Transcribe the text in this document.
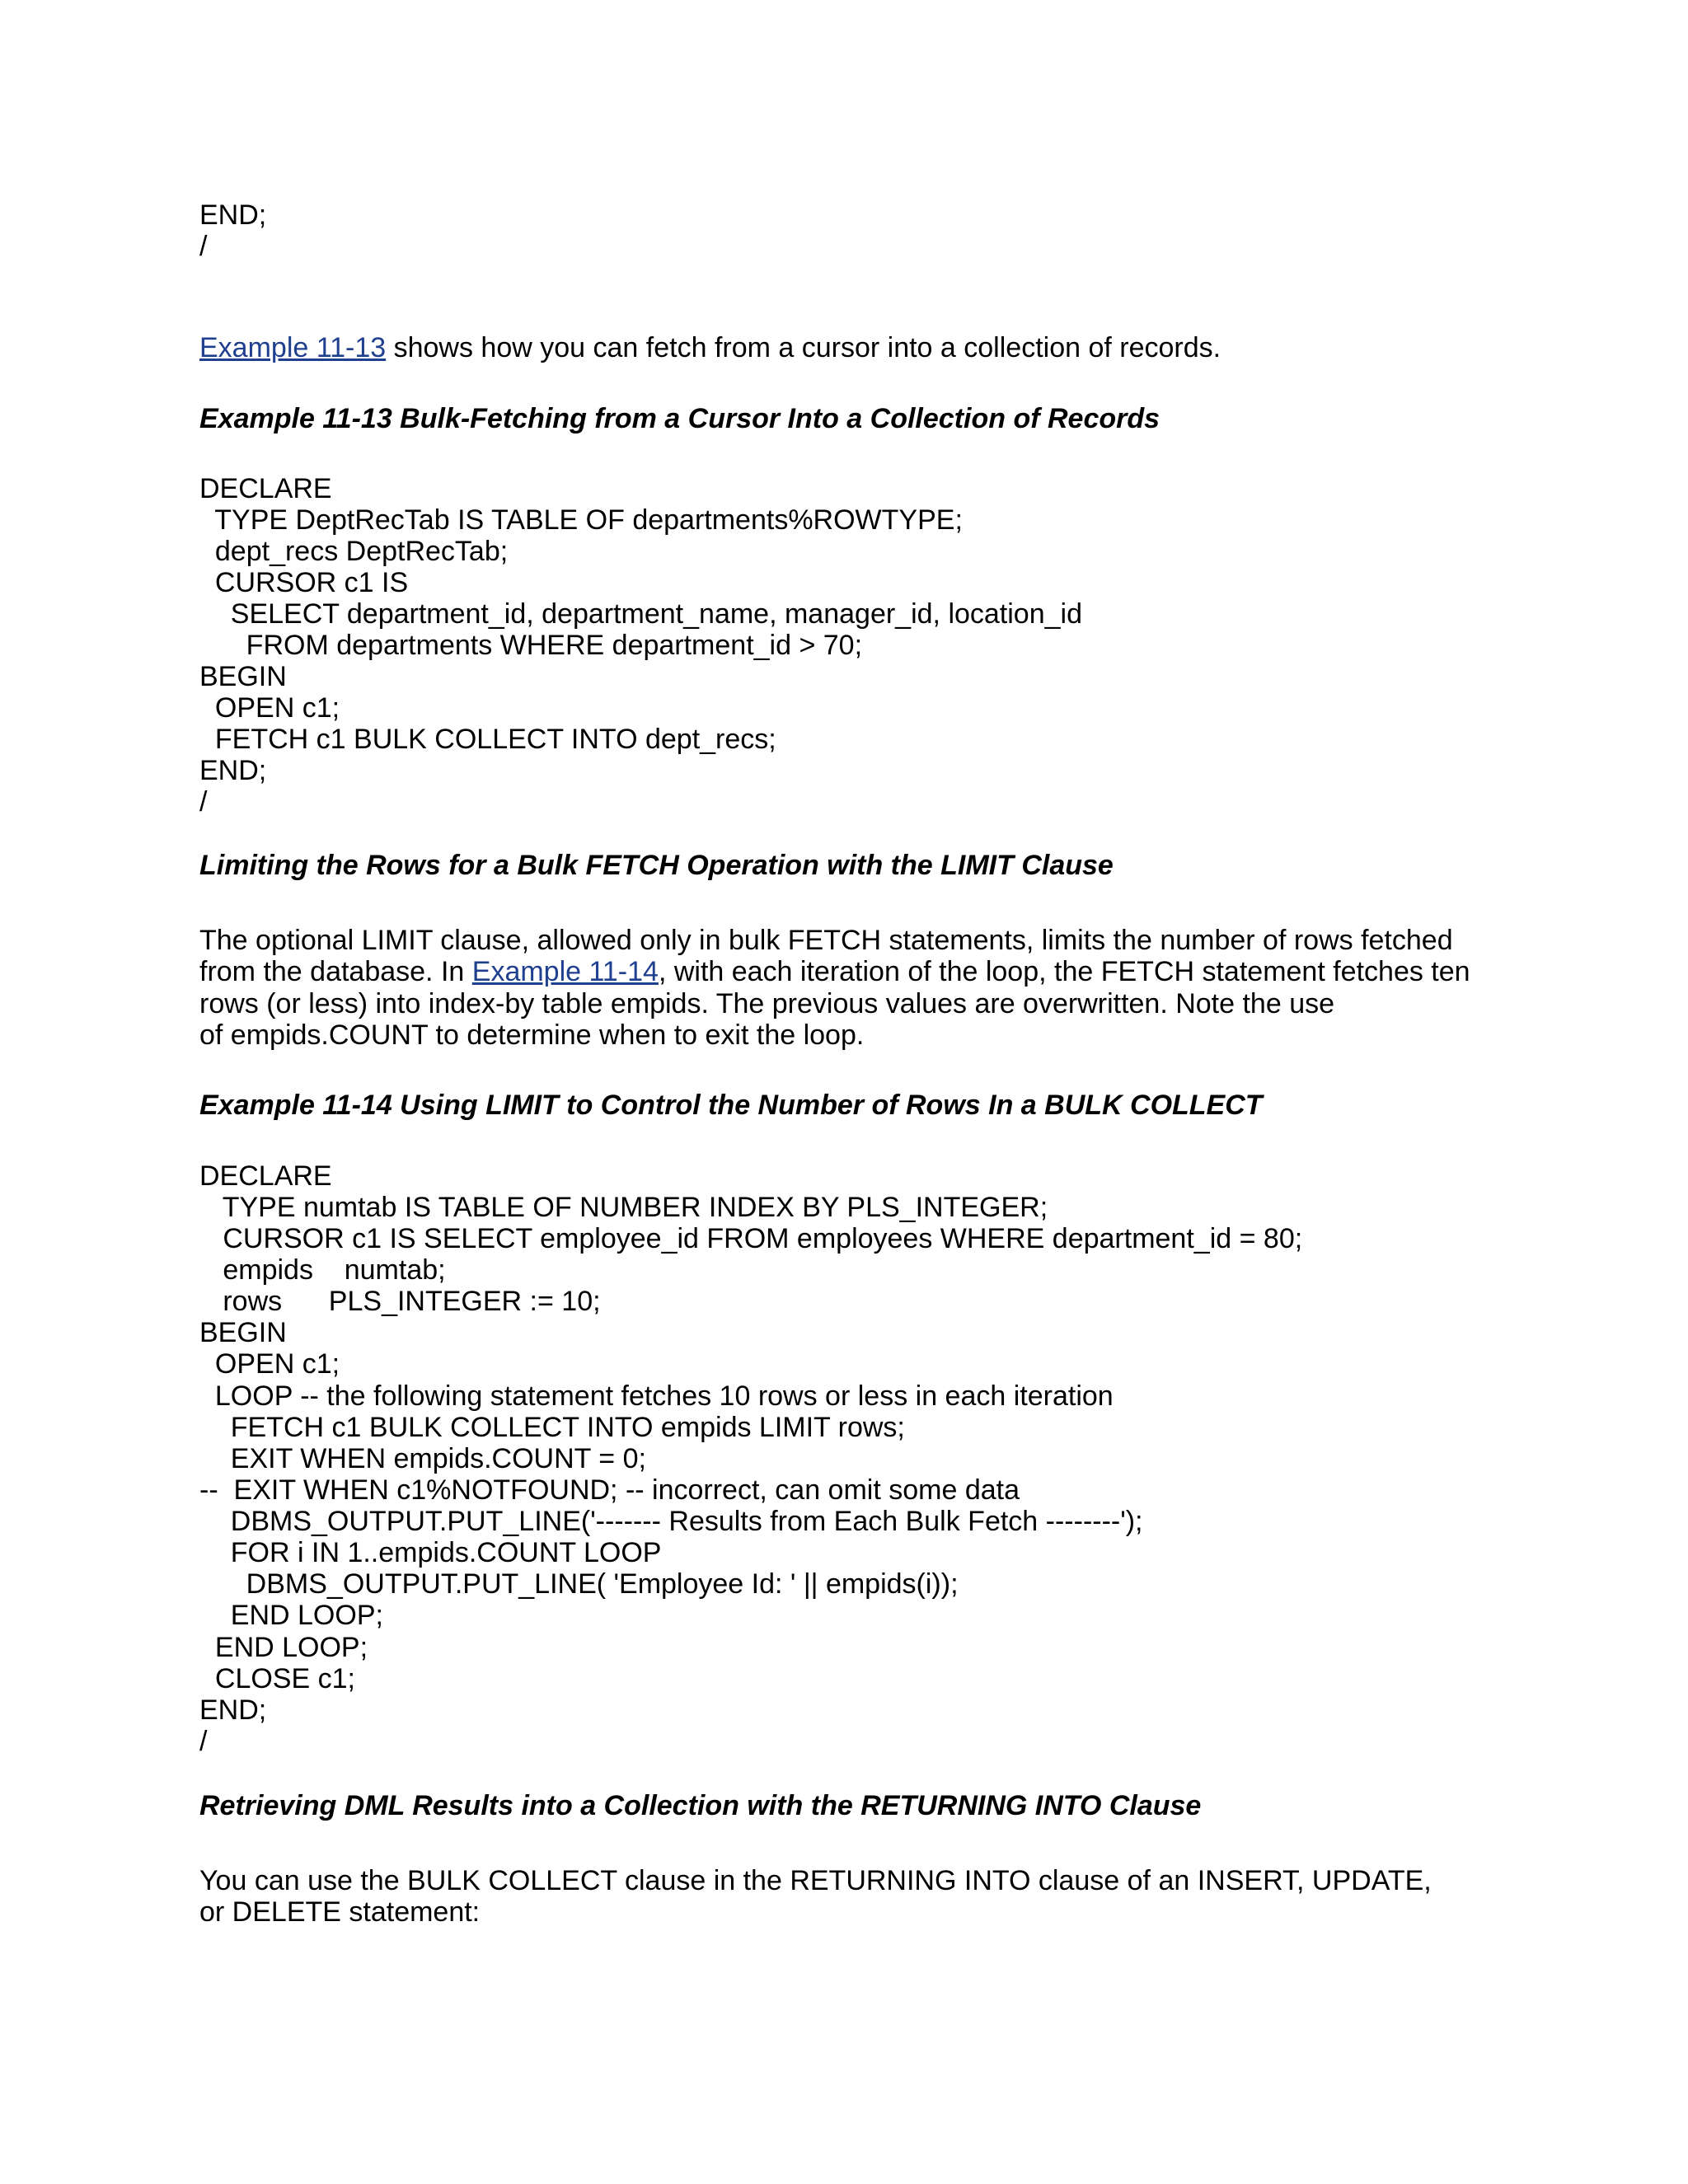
END;
/
Example 11-13 shows how you can fetch from a cursor into a collection of records.
Example 11-13 Bulk-Fetching from a Cursor Into a Collection of Records
DECLARE
TYPE DeptRecTab IS TABLE OF departments%ROWTYPE;
dept_recs DeptRecTab;
CURSOR c1 IS
SELECT department_id, department_name, manager_id, location_id
FROM departments WHERE department_id > 70;
BEGIN
OPEN c1;
FETCH c1 BULK COLLECT INTO dept_recs;
END;
/
Limiting the Rows for a Bulk FETCH Operation with the LIMIT Clause
The optional LIMIT clause, allowed only in bulk FETCH statements, limits the number of rows fetched
from the database. In Example 11-14, with each iteration of the loop, the FETCH statement fetches ten
rows (or less) into index-by table empids. The previous values are overwritten. Note the use
of empids.COUNT to determine when to exit the loop.
Example 11-14 Using LIMIT to Control the Number of Rows In a BULK COLLECT
DECLARE
TYPE numtab IS TABLE OF NUMBER INDEX BY PLS_INTEGER;
CURSOR c1 IS SELECT employee_id FROM employees WHERE department_id = 80;
empids    numtab;
rows      PLS_INTEGER := 10;
BEGIN
OPEN c1;
LOOP -- the following statement fetches 10 rows or less in each iteration
FETCH c1 BULK COLLECT INTO empids LIMIT rows;
EXIT WHEN empids.COUNT = 0;
--  EXIT WHEN c1%NOTFOUND; -- incorrect, can omit some data
DBMS_OUTPUT.PUT_LINE('------- Results from Each Bulk Fetch --------');
FOR i IN 1..empids.COUNT LOOP
DBMS_OUTPUT.PUT_LINE( 'Employee Id: ' || empids(i));
END LOOP;
END LOOP;
CLOSE c1;
END;
/
Retrieving DML Results into a Collection with the RETURNING INTO Clause
You can use the BULK COLLECT clause in the RETURNING INTO clause of an INSERT, UPDATE,
or DELETE statement:
